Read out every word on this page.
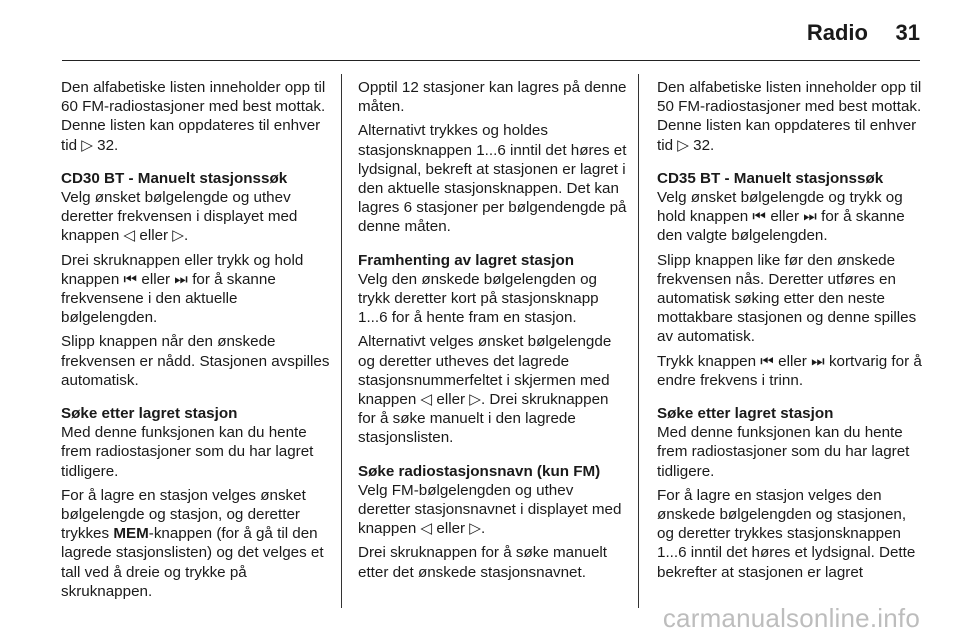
Radio 31
Den alfabetiske listen inneholder opp til 60 FM-radiostasjoner med best mottak. Denne listen kan oppdateres til enhver tid ▷ 32.
CD30 BT - Manuelt stasjonssøk
Velg ønsket bølgelengde og uthev deretter frekvensen i displayet med knappen ◁ eller ▷.
Drei skruknappen eller trykk og hold knappen ⏮ eller ⏭ for å skanne frekvensene i den aktuelle bølgelengden.
Slipp knappen når den ønskede frekvensen er nådd. Stasjonen avspilles automatisk.
Søke etter lagret stasjon
Med denne funksjonen kan du hente frem radiostasjoner som du har lagret tidligere.
For å lagre en stasjon velges ønsket bølgelengde og stasjon, og deretter trykkes MEM-knappen (for å gå til den lagrede stasjonslisten) og det velges et tall ved å dreie og trykke på skruknappen.
Opptil 12 stasjoner kan lagres på denne måten.
Alternativt trykkes og holdes stasjonsknappen 1...6 inntil det høres et lydsignal, bekreft at stasjonen er lagret i den aktuelle stasjonsknappen. Det kan lagres 6 stasjoner per bølgendengde på denne måten.
Framhenting av lagret stasjon
Velg den ønskede bølgelengden og trykk deretter kort på stasjonsknapp 1...6 for å hente fram en stasjon.
Alternativt velges ønsket bølgelengde og deretter utheves det lagrede stasjonsnummerfeltet i skjermen med knappen ◁ eller ▷. Drei skruknappen for å søke manuelt i den lagrede stasjonslisten.
Søke radiostasjonsnavn (kun FM)
Velg FM-bølgelengden og uthev deretter stasjonsnavnet i displayet med knappen ◁ eller ▷.
Drei skruknappen for å søke manuelt etter det ønskede stasjonsnavnet.
Den alfabetiske listen inneholder opp til 50 FM-radiostasjoner med best mottak. Denne listen kan oppdateres til enhver tid ▷ 32.
CD35 BT - Manuelt stasjonssøk
Velg ønsket bølgelengde og trykk og hold knappen ⏮ eller ⏭ for å skanne den valgte bølgelengden.
Slipp knappen like før den ønskede frekvensen nås. Deretter utføres en automatisk søking etter den neste mottakbare stasjonen og denne spilles av automatisk.
Trykk knappen ⏮ eller ⏭ kortvarig for å endre frekvens i trinn.
Søke etter lagret stasjon
Med denne funksjonen kan du hente frem radiostasjoner som du har lagret tidligere.
For å lagre en stasjon velges den ønskede bølgelengden og stasjonen, og deretter trykkes stasjonsknappen 1...6 inntil det høres et lydsignal. Dette bekrefter at stasjonen er lagret
carmanualsonline.info
